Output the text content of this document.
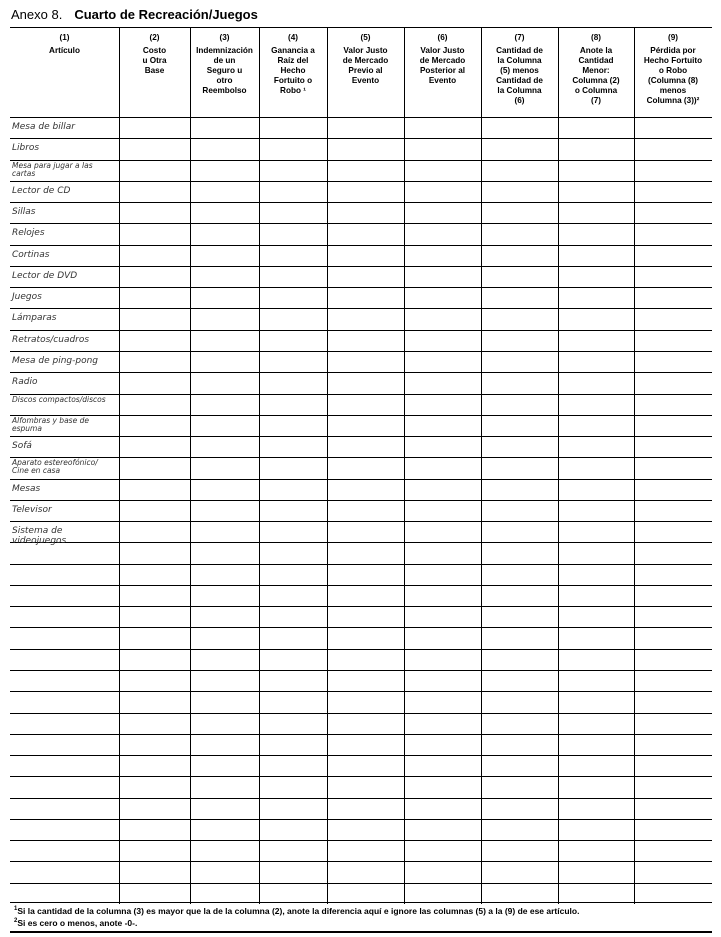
Anexo 8. Cuarto de Recreación/Juegos
(1)
Artículo
(2)
Costo
u Otra
Base
(3)
Indemnización
de un
Seguro u
otro
Reembolso
(4)
Ganancia a
Raíz del
Hecho
Fortuito o
Robo ¹
(5)
Valor Justo
de Mercado
Previo al
Evento
(6)
Valor Justo
de Mercado
Posterior al
Evento
(7)
Cantidad de
la Columna
(5) menos
Cantidad de
la Columna
(6)
(8)
Anote la
Cantidad
Menor:
Columna (2)
o Columna
(7)
(9)
Pérdida por
Hecho Fortuito
o Robo
(Columna (8)
menos
Columna (3))²
Mesa de billar
Libros
Mesa para jugar a las cartas
Lector de CD
Sillas
Relojes
Cortinas
Lector de DVD
Juegos
Lámparas
Retratos/cuadros
Mesa de ping-pong
Radio
Discos compactos/discos
Alfombras y base de espuma
Sofá
Aparato estereofónico/ Cine en casa
Mesas
Televisor
Sistema de videojuegos
$^1$Si la cantidad de la columna (3) es mayor que la de la columna (2), anote la diferencia aquí e ignore las columnas (5) a la (9) de ese artículo.
$^2$Si es cero o menos, anote -0-.
